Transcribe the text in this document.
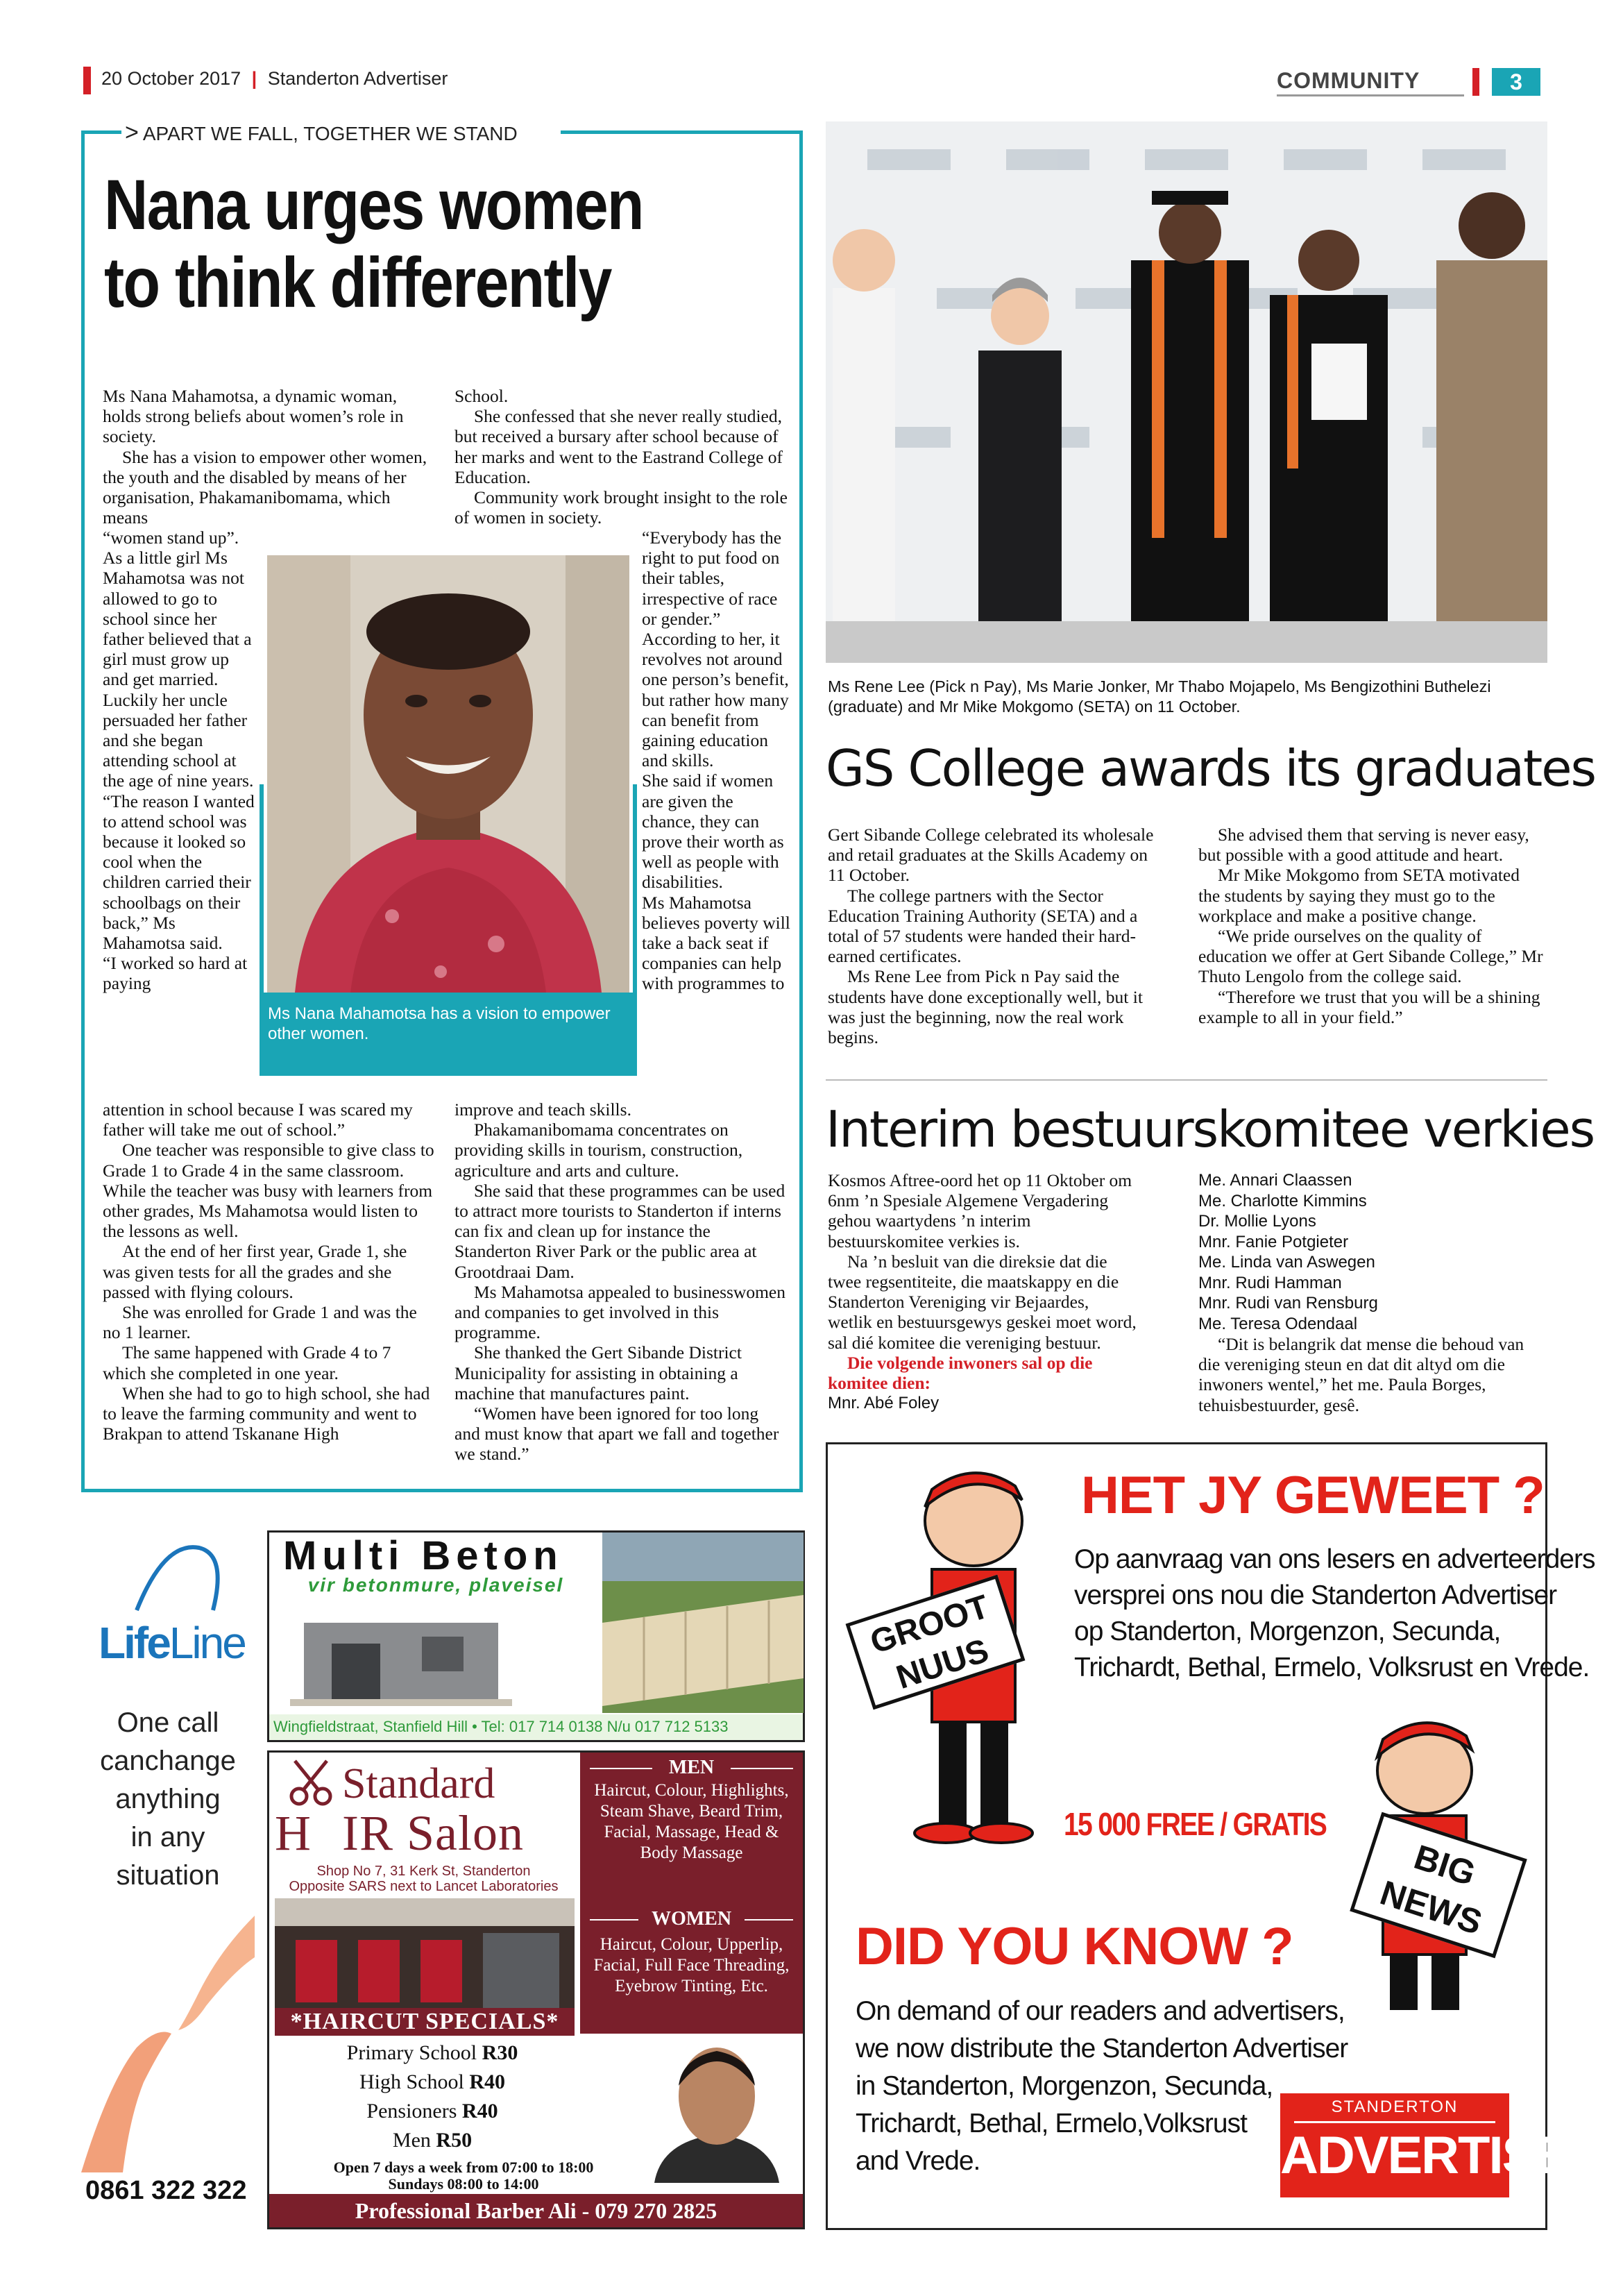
20 October 2017 | Standerton Advertiser	COMMUNITY	3
> APART WE FALL, TOGETHER WE STAND
Nana urges women
to think differently

Ms Nana Mahamotsa, a dynamic woman, holds strong beliefs about women’s role in society.

She has a vision to empower other women, the youth and the disabled by means of her organisation, Phakamanibomama, which means

“women stand up”.
As a little girl Ms Mahamotsa was not allowed to go to school since her father believed that a girl must grow up and get married.
Luckily her uncle persuaded her father and she began attending school at the age of nine years.
“The reason I wanted to attend school was because it looked so cool when the children carried their schoolbags on their back,” Ms Mahamotsa said.
“I worked so hard at paying

attention in school because I was scared my father will take me out of school.”

One teacher was responsible to give class to Grade 1 to Grade 4 in the same classroom. While the teacher was busy with learners from other grades, Ms Mahamotsa would listen to the lessons as well.

At the end of her first year, Grade 1, she was given tests for all the grades and she passed with flying colours.

She was enrolled for Grade 1 and was the no 1 learner.

The same happened with Grade 4 to 7 which she completed in one year.

When she had to go to high school, she had to leave the farming community and went to Brakpan to attend Tskanane High

School.

She confessed that she never really studied, but received a bursary after school because of her marks and went to the Eastrand College of Education.

Community work brought insight to the role of women in society.

“Everybody has the right to put food on their tables, irrespective of race or gender.”
According to her, it revolves not around one person’s benefit, but rather how many can benefit from gaining education and skills.
She said if women are given the chance, they can prove their worth as well as people with disabilities.
Ms Mahamotsa believes poverty will take a back seat if companies can help with programmes to

improve and teach skills.

Phakamanibomama concentrates on providing skills in tourism, construction, agriculture and arts and culture.

She said that these programmes can be used to attract more tourists to Standerton if interns can fix and clean up for instance the Standerton River Park or the public area at Grootdraai Dam.

Ms Mahamotsa appealed to businesswomen and companies to get involved in this programme.

She thanked the Gert Sibande District Municipality for assisting in obtaining a machine that manufactures paint.

“Women have been ignored for too long and must know that apart we fall and together we stand.”

Ms Nana Mahamotsa has a vision to empower other women.
Ms Rene Lee (Pick n Pay), Ms Marie Jonker, Mr Thabo Mojapelo, Ms Bengizothini Buthelezi (graduate) and Mr Mike Mokgomo (SETA) on 11 October.
GS College awards its graduates

Gert Sibande College celebrated its wholesale and retail graduates at the Skills Academy on 11 October.

The college partners with the Sector Education Training Authority (SETA) and a total of 57 students were handed their hard-earned certificates.

Ms Rene Lee from Pick n Pay said the students have done exceptionally well, but it was just the beginning, now the real work begins.

She advised them that serving is never easy, but possible with a good attitude and heart.

Mr Mike Mokgomo from SETA motivated the students by saying they must go to the workplace and make a positive change.

“We pride ourselves on the quality of education we offer at Gert Sibande College,” Mr Thuto Lengolo from the college said.

“Therefore we trust that you will be a shining example to all in your field.”

Interim bestuurskomitee verkies

Kosmos Aftree-oord het op 11 Oktober om 6nm ’n Spesiale Algemene Vergadering gehou waartydens ’n interim bestuurskomitee verkies is.

Na ’n besluit van die direksie dat die twee regsentiteite, die maatskappy en die Standerton Vereniging vir Bejaardes, wetlik en bestuursgewys geskei moet word, sal dié komitee die vereniging bestuur.

Die volgende inwoners sal op die komitee dien:

Mnr. Abé Foley

Me. Annari Claassen
Me. Charlotte Kimmins
Dr. Mollie Lyons
Mnr. Fanie Potgieter
Me. Linda van Aswegen
Mnr. Rudi Hamman
Mnr. Rudi van Rensburg
Me. Teresa Odendaal

“Dit is belangrik dat mense die behoud van die vereniging steun en dat dit altyd om die inwoners wentel,” het me. Paula Borges, tehuisbestuurder, gesê.

LifeLine
One call
canchange
anything
in any
situation
0861 322 322
Multi Beton
vir betonmure, plaveisel
Wingfieldstraat, Stanfield Hill • Tel: 017 714 0138 N/u 017 712 5133
Standard
H IR Salon
Shop No 7, 31 Kerk St, Standerton
Opposite SARS next to Lancet Laboratories
*HAIRCUT SPECIALS*
MEN
Haircut, Colour, Highlights, Steam Shave, Beard Trim, Facial, Massage, Head & Body Massage
WOMEN
Haircut, Colour, Upperlip, Facial, Full Face Threading, Eyebrow Tinting, Etc.
Primary School R30
High School R40
Pensioners R40
Men R50
Open 7 days a week from 07:00 to 18:00
Sundays 08:00 to 14:00
Professional Barber Ali - 079 270 2825
HET JY GEWEET ?
Op aanvraag van ons lesers en adverteerders
versprei ons nou die Standerton Advertiser
op Standerton, Morgenzon, Secunda,
Trichardt, Bethal, Ermelo, Volksrust en Vrede.
GROOT NUUS
15 000 FREE / GRATIS
BIG NEWS
DID YOU KNOW ?
On demand of our readers and advertisers,
we now distribute the Standerton Advertiser
in Standerton, Morgenzon, Secunda,
Trichardt, Bethal, Ermelo,Volksrust
and Vrede.
STANDERTON
ADVERTISER
